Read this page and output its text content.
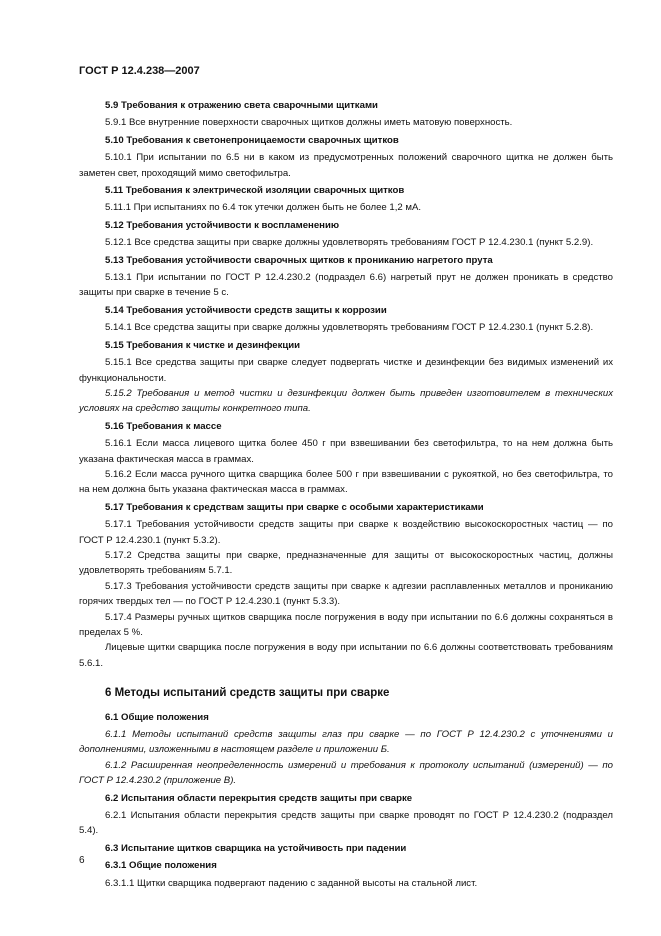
ГОСТ Р 12.4.238—2007

5.9 Требования к отражению света сварочными щитками

5.9.1 Все внутренние поверхности сварочных щитков должны иметь матовую поверхность.

5.10 Требования к светонепроницаемости сварочных щитков

5.10.1 При испытании по 6.5 ни в каком из предусмотренных положений сварочного щитка не должен быть заметен свет, проходящий мимо светофильтра.

5.11 Требования к электрической изоляции сварочных щитков

5.11.1 При испытаниях по 6.4 ток утечки должен быть не более 1,2 мА.

5.12 Требования устойчивости к воспламенению

5.12.1 Все средства защиты при сварке должны удовлетворять требованиям ГОСТ Р 12.4.230.1 (пункт 5.2.9).

5.13 Требования устойчивости сварочных щитков к прониканию нагретого прута

5.13.1 При испытании по ГОСТ Р 12.4.230.2 (подраздел 6.6) нагретый прут не должен проникать в средство защиты при сварке в течение 5 с.

5.14 Требования устойчивости средств защиты к коррозии

5.14.1 Все средства защиты при сварке должны удовлетворять требованиям ГОСТ Р 12.4.230.1 (пункт 5.2.8).

5.15 Требования к чистке и дезинфекции

5.15.1 Все средства защиты при сварке следует подвергать чистке и дезинфекции без видимых изменений их функциональности.

5.15.2 Требования и метод чистки и дезинфекции должен быть приведен изготовителем в технических условиях на средство защиты конкретного типа.

5.16 Требования к массе

5.16.1 Если масса лицевого щитка более 450 г при взвешивании без светофильтра, то на нем должна быть указана фактическая масса в граммах.

5.16.2 Если масса ручного щитка сварщика более 500 г при взвешивании с рукояткой, но без светофильтра, то на нем должна быть указана фактическая масса в граммах.

5.17 Требования к средствам защиты при сварке с особыми характеристиками

5.17.1 Требования устойчивости средств защиты при сварке к воздействию высокоскоростных частиц — по ГОСТ Р 12.4.230.1 (пункт 5.3.2).

5.17.2 Средства защиты при сварке, предназначенные для защиты от высокоскоростных частиц, должны удовлетворять требованиям 5.7.1.

5.17.3 Требования устойчивости средств защиты при сварке к адгезии расплавленных металлов и прониканию горячих твердых тел — по ГОСТ Р 12.4.230.1 (пункт 5.3.3).

5.17.4 Размеры ручных щитков сварщика после погружения в воду при испытании по 6.6 должны сохраняться в пределах 5 %.

Лицевые щитки сварщика после погружения в воду при испытании по 6.6 должны соответствовать требованиям 5.6.1.

6 Методы испытаний средств защиты при сварке

6.1 Общие положения

6.1.1 Методы испытаний средств защиты глаз при сварке — по ГОСТ Р 12.4.230.2 с уточнениями и дополнениями, изложенными в настоящем разделе и приложении Б.

6.1.2 Расширенная неопределенность измерений и требования к протоколу испытаний (измерений) — по ГОСТ Р 12.4.230.2 (приложение В).

6.2 Испытания области перекрытия средств защиты при сварке

6.2.1 Испытания области перекрытия средств защиты при сварке проводят по ГОСТ Р 12.4.230.2 (подраздел 5.4).

6.3 Испытание щитков сварщика на устойчивость при падении

6.3.1 Общие положения

6.3.1.1 Щитки сварщика подвергают падению с заданной высоты на стальной лист.

6
